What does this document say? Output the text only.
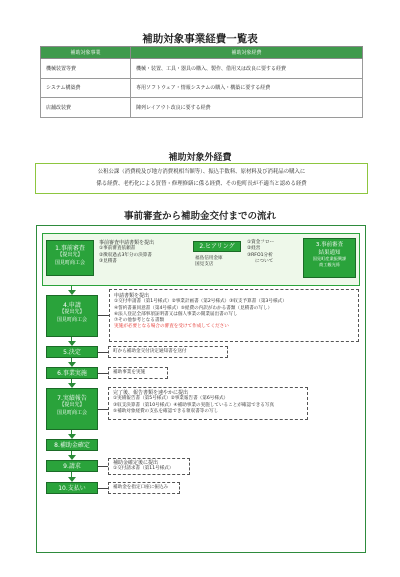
補助対象事業経費一覧表
補助対象事業	補助対象経費
機械装置等費	機械・装置、工具・器具の購入、製作、借用又は改良に要する経費
システム構築費	専用ソフトウェア・情報システムの購入・構築に要する経費
店舗改装費	陳列レイアウト改良に要する経費
補助対象外経費
公租公課（消費税及び地方消費税相当額等）、振込手数料、原材料及び消耗品の購入に
係る経費、老朽化による買替・修理修繕に係る経費、その他町長が不適当と認める経費
事前審査から補助金交付までの流れ
1.事前審査
【提出先】
国見町商工会
事前審査申請書類を提出
①事前審査依頼書
②徴収過去3年分の決算書
③見積書
2.ヒアリング
福島信用金庫
国見支店
①資金フロー
②経営
③RFO1分析
について
3.事前審査
結果通知
国見町産業振興課
商工観光係
4.申請
【提出先】
国見町商工会
申請書類を提出
①交付申請書（第1号様式）②事業計画書（第2号様式）③収支予算書（第3号様式）
④誓約書兼同意書（第4号様式）⑤経費の内訳がわかる書類（見積書の写し）
⑥法人登記全部事項証明書又は個人事業の開業届出書の写し
⑦その他参考となる書類
実施が必要となる場合の審査を受けて作成してください
5.決定	町から補助金交付決定通知書を送付
6.事業実施	補助事業を実施
7.実績報告
【提出先】
国見町商工会
完了後、報告書類を速やかに提出
①実績報告書（第5号様式）②事業報告書（第6号様式）
③収支決算書（第10号様式）④補助事業の実施していることが確認できる写真
⑤補助対象経費の支払を確認できる領収書等の写し
8.補助金確定
9.請求	補助金確定後に提出
①交付請求書（第11号様式）
10.支払い	補助金を指定口座に振込み
